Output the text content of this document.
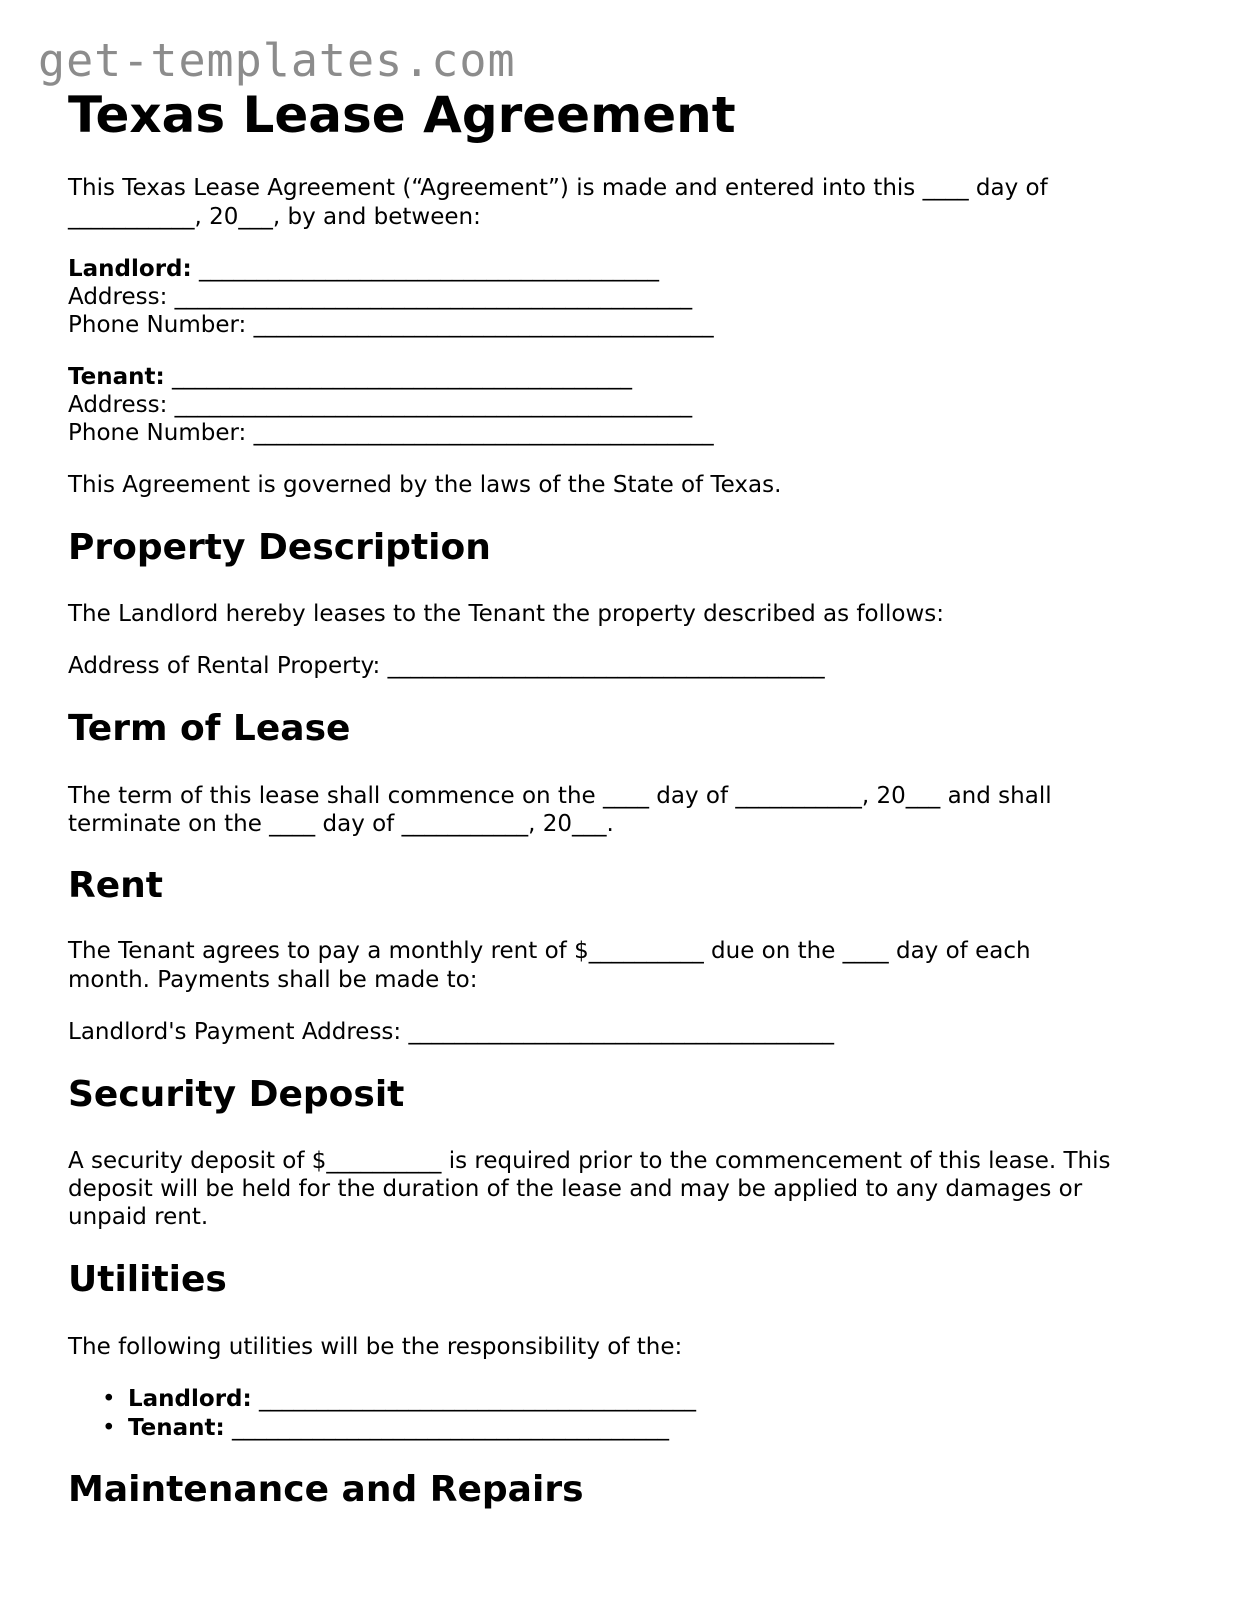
get-templates.com
Texas Lease Agreement
This Texas Lease Agreement (“Agreement”) is made and entered into this ____ day of
___________, 20___, by and between:
Landlord: ________________________________________
Address: _____________________________________________
Phone Number: ________________________________________
Tenant: ________________________________________
Address: _____________________________________________
Phone Number: ________________________________________
This Agreement is governed by the laws of the State of Texas.
Property Description
The Landlord hereby leases to the Tenant the property described as follows:
Address of Rental Property: ______________________________________
Term of Lease
The term of this lease shall commence on the ____ day of ___________, 20___ and shall
terminate on the ____ day of ___________, 20___.
Rent
The Tenant agrees to pay a monthly rent of $__________ due on the ____ day of each
month. Payments shall be made to:
Landlord's Payment Address: _____________________________________
Security Deposit
A security deposit of $__________ is required prior to the commencement of this lease. This
deposit will be held for the duration of the lease and may be applied to any damages or
unpaid rent.
Utilities
The following utilities will be the responsibility of the:
• Landlord: ______________________________________
• Tenant: ______________________________________
Maintenance and Repairs
